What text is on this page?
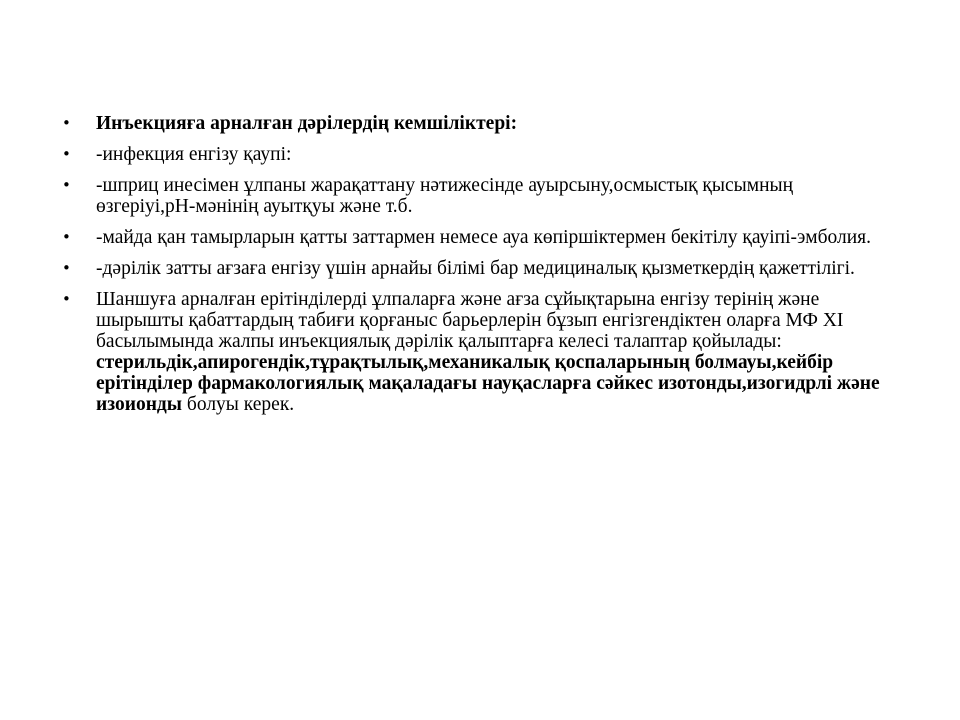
• Инъекцияға арналған дәрілердің кемшіліктері:
• -инфекция енгізу қаупі:
• -шприц инесімен ұлпаны жарақаттану нәтижесінде ауырсыну,осмыстық қысымның өзгеріуі,рН-мәнінің ауытқуы және т.б.
• -майда қан тамырларын қатты заттармен немесе ауа көпіршіктермен бекітілу қауіпі-эмболия.
• -дәрілік затты ағзаға енгізу үшін арнайы білімі бар медициналық қызметкердің қажеттілігі.
• Шаншуға арналған ерітінділерді ұлпаларға және ағза сұйықтарына енгізу терінің және шырышты қабаттардың табиғи қорғаныс барьерлерін бұзып енгізгендіктен оларға МФ XI басылымында жалпы инъекциялық дәрілік қалыптарға келесі талаптар қойылады: стерильдік,апирогендік,тұрақтылық,механикалық қоспаларының болмауы,кейбір ерітінділер фармакологиялық мақаладағы науқасларға сәйкес изотонды,изогидрлі және изоионды болуы керек.
